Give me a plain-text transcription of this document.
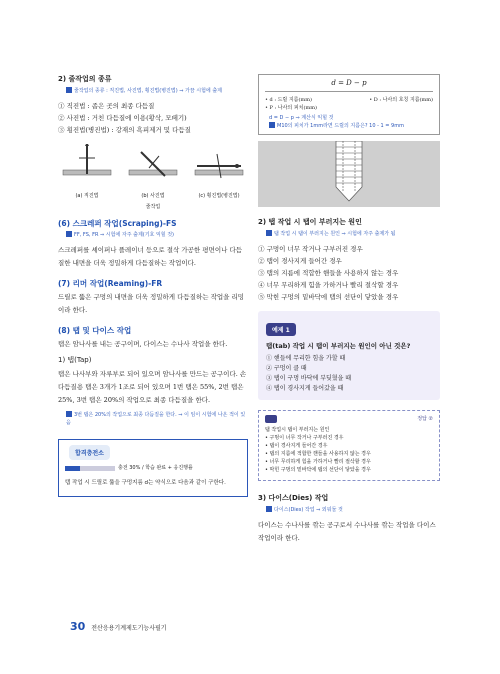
2) 줄작업의 종류
줄작업의 종류 : 직진법, 사진법, 횡진법(병진법) ⇒ 가끔 시험에 출제
① 직진법 : 좁은 곳의 최종 다듬질
② 사진법 : 거친 다듬질에 이용(황삭, 모떼기)
③ 횡진법(병진법) : 강재의 흑피제거 및 다듬질
(a) 직진법	(b) 사진법	(c) 횡진법(병진법)
줄작업
(6) 스크레퍼 작업(Scraping)-FS
FF, FS, FR ⇒ 시험에 자주 출제(기호 익힐 것)
스크레퍼를 셰이퍼나 플레이너 등으로 절삭 가공한 평면이나 다듬질한 내면을 더욱 정밀하게 다듬질하는 작업이다.
(7) 리머 작업(Reaming)-FR
드릴로 뚫은 구멍의 내면을 더욱 정밀하게 다듬질하는 작업을 리밍이라 한다.
(8) 탭 및 다이스 작업
탭은 암나사를 내는 공구이며, 다이스는 수나사 작업을 한다.
1) 탭(Tap)
탭은 나사부와 자루부로 되어 있으며 암나사를 만드는 공구이다. 손 다듬질용 탭은 3개가 1조로 되어 있으며 1번 탭은 55%, 2번 탭은 25%, 3번 탭은 20%의 작업으로 최종 다듬질을 한다.
3번 탭은 20%의 작업으로 최종 다듬질을 한다. ⇒ 이 임이 시험에 나온 적이 있음
합격충전소
충전 30% / 학습 완료 + 응진행률
탭 작업 시 드릴로 뚫을 구멍지름 d는 약식으로 다음과 같이 구한다.
d = D − p
• d : 드릴 지름(mm)	• D : 나사의 호칭 지름(mm)
• P : 나사의 피치(mm)
d = D − p ⇒ 계산식 익힐 것
M10의 피치가 1mm라면 드릴의 지름은? 10 - 1 = 9mm
2) 탭 작업 시 탭이 부러지는 원인
탭 작업 시 탭이 부러지는 원인 ⇒ 시험에 자주 출제가 됨
① 구멍이 너무 작거나 구부러진 경우
② 탭이 경사지게 들어간 경우
③ 탭의 지름에 적합한 핸들을 사용하지 않는 경우
④ 너무 무리하게 힘을 가하거나 빨리 절삭할 경우
⑤ 막힌 구멍의 밑바닥에 탭의 선단이 닿았을 경우
예제 1
탭(tab) 작업 시 탭이 부러지는 원인이 아닌 것은?
① 핸들에 무리한 힘을 가할 때
② 구멍이 클 때
③ 탭이 구멍 바닥에 부딪혔을 때
④ 탭이 경사지게 들어갔을 때
정답 ②
탭 작업시 탭이 부러지는 원인
• 구멍이 너무 작거나 구부러진 경우
• 탭이 경사지게 들어간 경우
• 탭의 지름에 적합한 핸들을 사용하지 않는 경우
• 너무 무리하게 힘을 가하거나 빨리 절삭할 경우
• 막힌 구멍의 밑바닥에 탭의 선단이 닿았을 경우
3) 다이스(Dies) 작업
다이스(Dies) 작업 ⇒ 외워둘 것
다이스는 수나사를 깎는 공구로서 수나사를 깎는 작업을 다이스 작업이라 한다.
30 전산응용기계제도기능사필기
